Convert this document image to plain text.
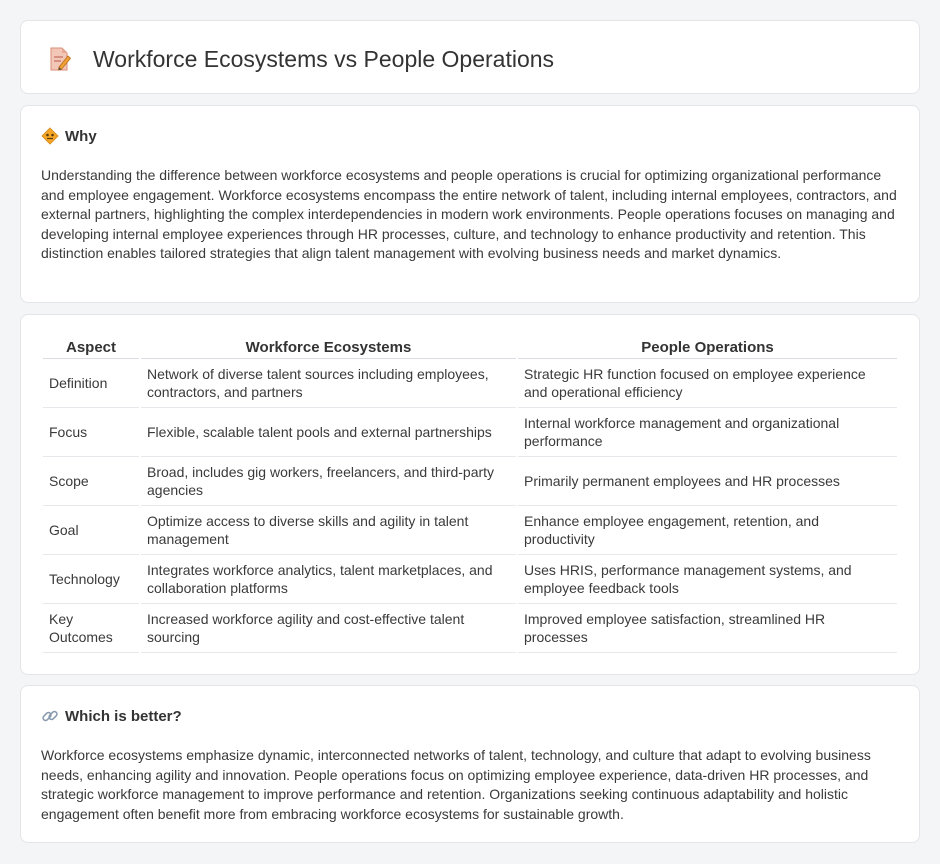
Workforce Ecosystems vs People Operations
Why

Understanding the difference between workforce ecosystems and people operations is crucial for optimizing organizational performance and employee engagement. Workforce ecosystems encompass the entire network of talent, including internal employees, contractors, and external partners, highlighting the complex interdependencies in modern work environments. People operations focuses on managing and developing internal employee experiences through HR processes, culture, and technology to enhance productivity and retention. This distinction enables tailored strategies that align talent management with evolving business needs and market dynamics.

Aspect	Workforce Ecosystems	People Operations
Definition	Network of diverse talent sources including employees, contractors, and partners	Strategic HR function focused on employee experience and operational efficiency
Focus	Flexible, scalable talent pools and external partnerships	Internal workforce management and organizational performance
Scope	Broad, includes gig workers, freelancers, and third-party agencies	Primarily permanent employees and HR processes
Goal	Optimize access to diverse skills and agility in talent management	Enhance employee engagement, retention, and productivity
Technology	Integrates workforce analytics, talent marketplaces, and collaboration platforms	Uses HRIS, performance management systems, and employee feedback tools
Key Outcomes	Increased workforce agility and cost-effective talent sourcing	Improved employee satisfaction, streamlined HR processes
Which is better?

Workforce ecosystems emphasize dynamic, interconnected networks of talent, technology, and culture that adapt to evolving business needs, enhancing agility and innovation. People operations focus on optimizing employee experience, data-driven HR processes, and strategic workforce management to improve performance and retention. Organizations seeking continuous adaptability and holistic engagement often benefit more from embracing workforce ecosystems for sustainable growth.
